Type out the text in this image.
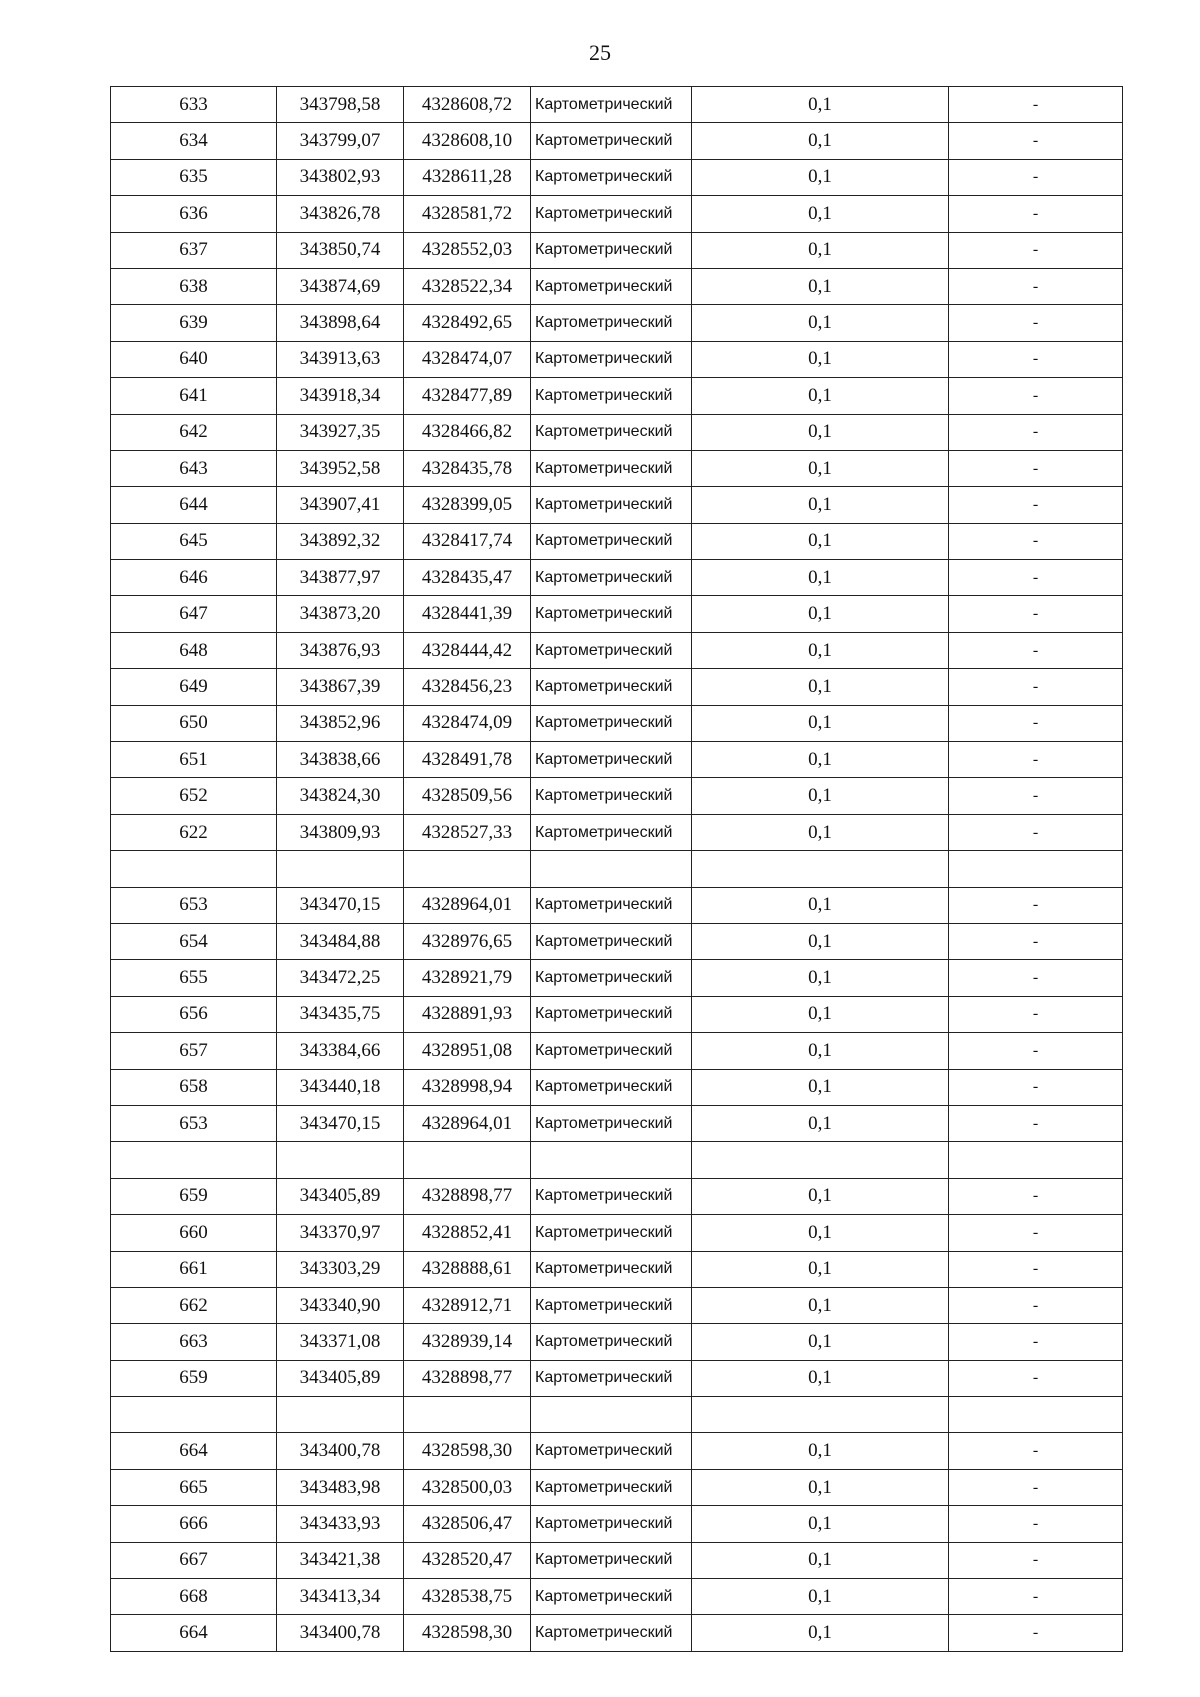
25
633	343798,58	4328608,72	Картометрический	0,1	-
634	343799,07	4328608,10	Картометрический	0,1	-
635	343802,93	4328611,28	Картометрический	0,1	-
636	343826,78	4328581,72	Картометрический	0,1	-
637	343850,74	4328552,03	Картометрический	0,1	-
638	343874,69	4328522,34	Картометрический	0,1	-
639	343898,64	4328492,65	Картометрический	0,1	-
640	343913,63	4328474,07	Картометрический	0,1	-
641	343918,34	4328477,89	Картометрический	0,1	-
642	343927,35	4328466,82	Картометрический	0,1	-
643	343952,58	4328435,78	Картометрический	0,1	-
644	343907,41	4328399,05	Картометрический	0,1	-
645	343892,32	4328417,74	Картометрический	0,1	-
646	343877,97	4328435,47	Картометрический	0,1	-
647	343873,20	4328441,39	Картометрический	0,1	-
648	343876,93	4328444,42	Картометрический	0,1	-
649	343867,39	4328456,23	Картометрический	0,1	-
650	343852,96	4328474,09	Картометрический	0,1	-
651	343838,66	4328491,78	Картометрический	0,1	-
652	343824,30	4328509,56	Картометрический	0,1	-
622	343809,93	4328527,33	Картометрический	0,1	-

653	343470,15	4328964,01	Картометрический	0,1	-
654	343484,88	4328976,65	Картометрический	0,1	-
655	343472,25	4328921,79	Картометрический	0,1	-
656	343435,75	4328891,93	Картометрический	0,1	-
657	343384,66	4328951,08	Картометрический	0,1	-
658	343440,18	4328998,94	Картометрический	0,1	-
653	343470,15	4328964,01	Картометрический	0,1	-

659	343405,89	4328898,77	Картометрический	0,1	-
660	343370,97	4328852,41	Картометрический	0,1	-
661	343303,29	4328888,61	Картометрический	0,1	-
662	343340,90	4328912,71	Картометрический	0,1	-
663	343371,08	4328939,14	Картометрический	0,1	-
659	343405,89	4328898,77	Картометрический	0,1	-

664	343400,78	4328598,30	Картометрический	0,1	-
665	343483,98	4328500,03	Картометрический	0,1	-
666	343433,93	4328506,47	Картометрический	0,1	-
667	343421,38	4328520,47	Картометрический	0,1	-
668	343413,34	4328538,75	Картометрический	0,1	-
664	343400,78	4328598,30	Картометрический	0,1	-
